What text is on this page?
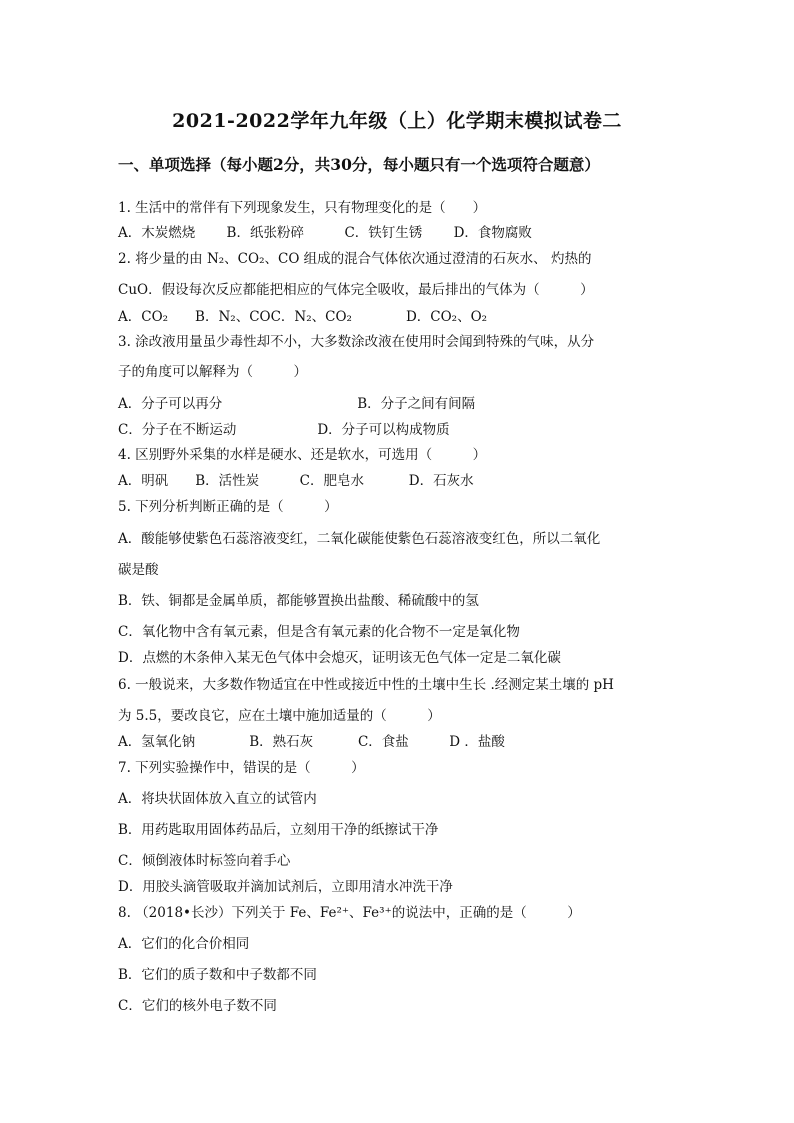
2021-2022学年九年级（上）化学期末模拟试卷二
一、单项选择（每小题2分，共30分，每小题只有一个选项符合题意）
1. 生活中的常伴有下列现象发生，只有物理变化的是（　　）
A．木炭燃烧　　 B．纸张粉碎　　　C．铁钉生锈　　 D．食物腐败
2. 将少量的由 N₂、CO₂、CO 组成的混合气体依次通过澄清的石灰水、 灼热的
CuO．假设每次反应都能把相应的气体完全吸收，最后排出的气体为（　　　）
A．CO₂　　B．N₂、COC．N₂、CO₂　　　　D．CO₂、O₂
3. 涂改液用量虽少毒性却不小，大多数涂改液在使用时会闻到特殊的气味，从分
子的角度可以解释为（　　　）
A．分子可以再分　　　　　　　　　　B．分子之间有间隔
C．分子在不断运动　　　　　　D．分子可以构成物质
4. 区别野外采集的水样是硬水、还是软水，可选用（　　　）
A．明矾　　B．活性炭　　　C．肥皂水　　　 D．石灰水
5. 下列分析判断正确的是（　　　）
A．酸能够使紫色石蕊溶液变红，二氧化碳能使紫色石蕊溶液变红色，所以二氧化
碳是酸
B．铁、铜都是金属单质，都能够置换出盐酸、稀硫酸中的氢
C．氧化物中含有氧元素，但是含有氧元素的化合物不一定是氧化物
D．点燃的木条伸入某无色气体中会熄灭，证明该无色气体一定是二氧化碳
6. 一般说来，大多数作物适宜在中性或接近中性的土壤中生长 .经测定某土壤的 pH
为 5.5，要改良它，应在土壤中施加适量的（　　　）
A．氢氧化钠　　　　B．熟石灰　　　 C．食盐　　　D ．盐酸
7. 下列实验操作中，错误的是（　　　）
A．将块状固体放入直立的试管内
B．用药匙取用固体药品后，立刻用干净的纸擦试干净
C．倾倒液体时标签向着手心
D．用胶头滴管吸取并滴加试剂后，立即用清水冲洗干净
8. （2018•长沙）下列关于 Fe、Fe²⁺、Fe³⁺的说法中，正确的是（　　　）
A．它们的化合价相同
B．它们的质子数和中子数都不同
C．它们的核外电子数不同
